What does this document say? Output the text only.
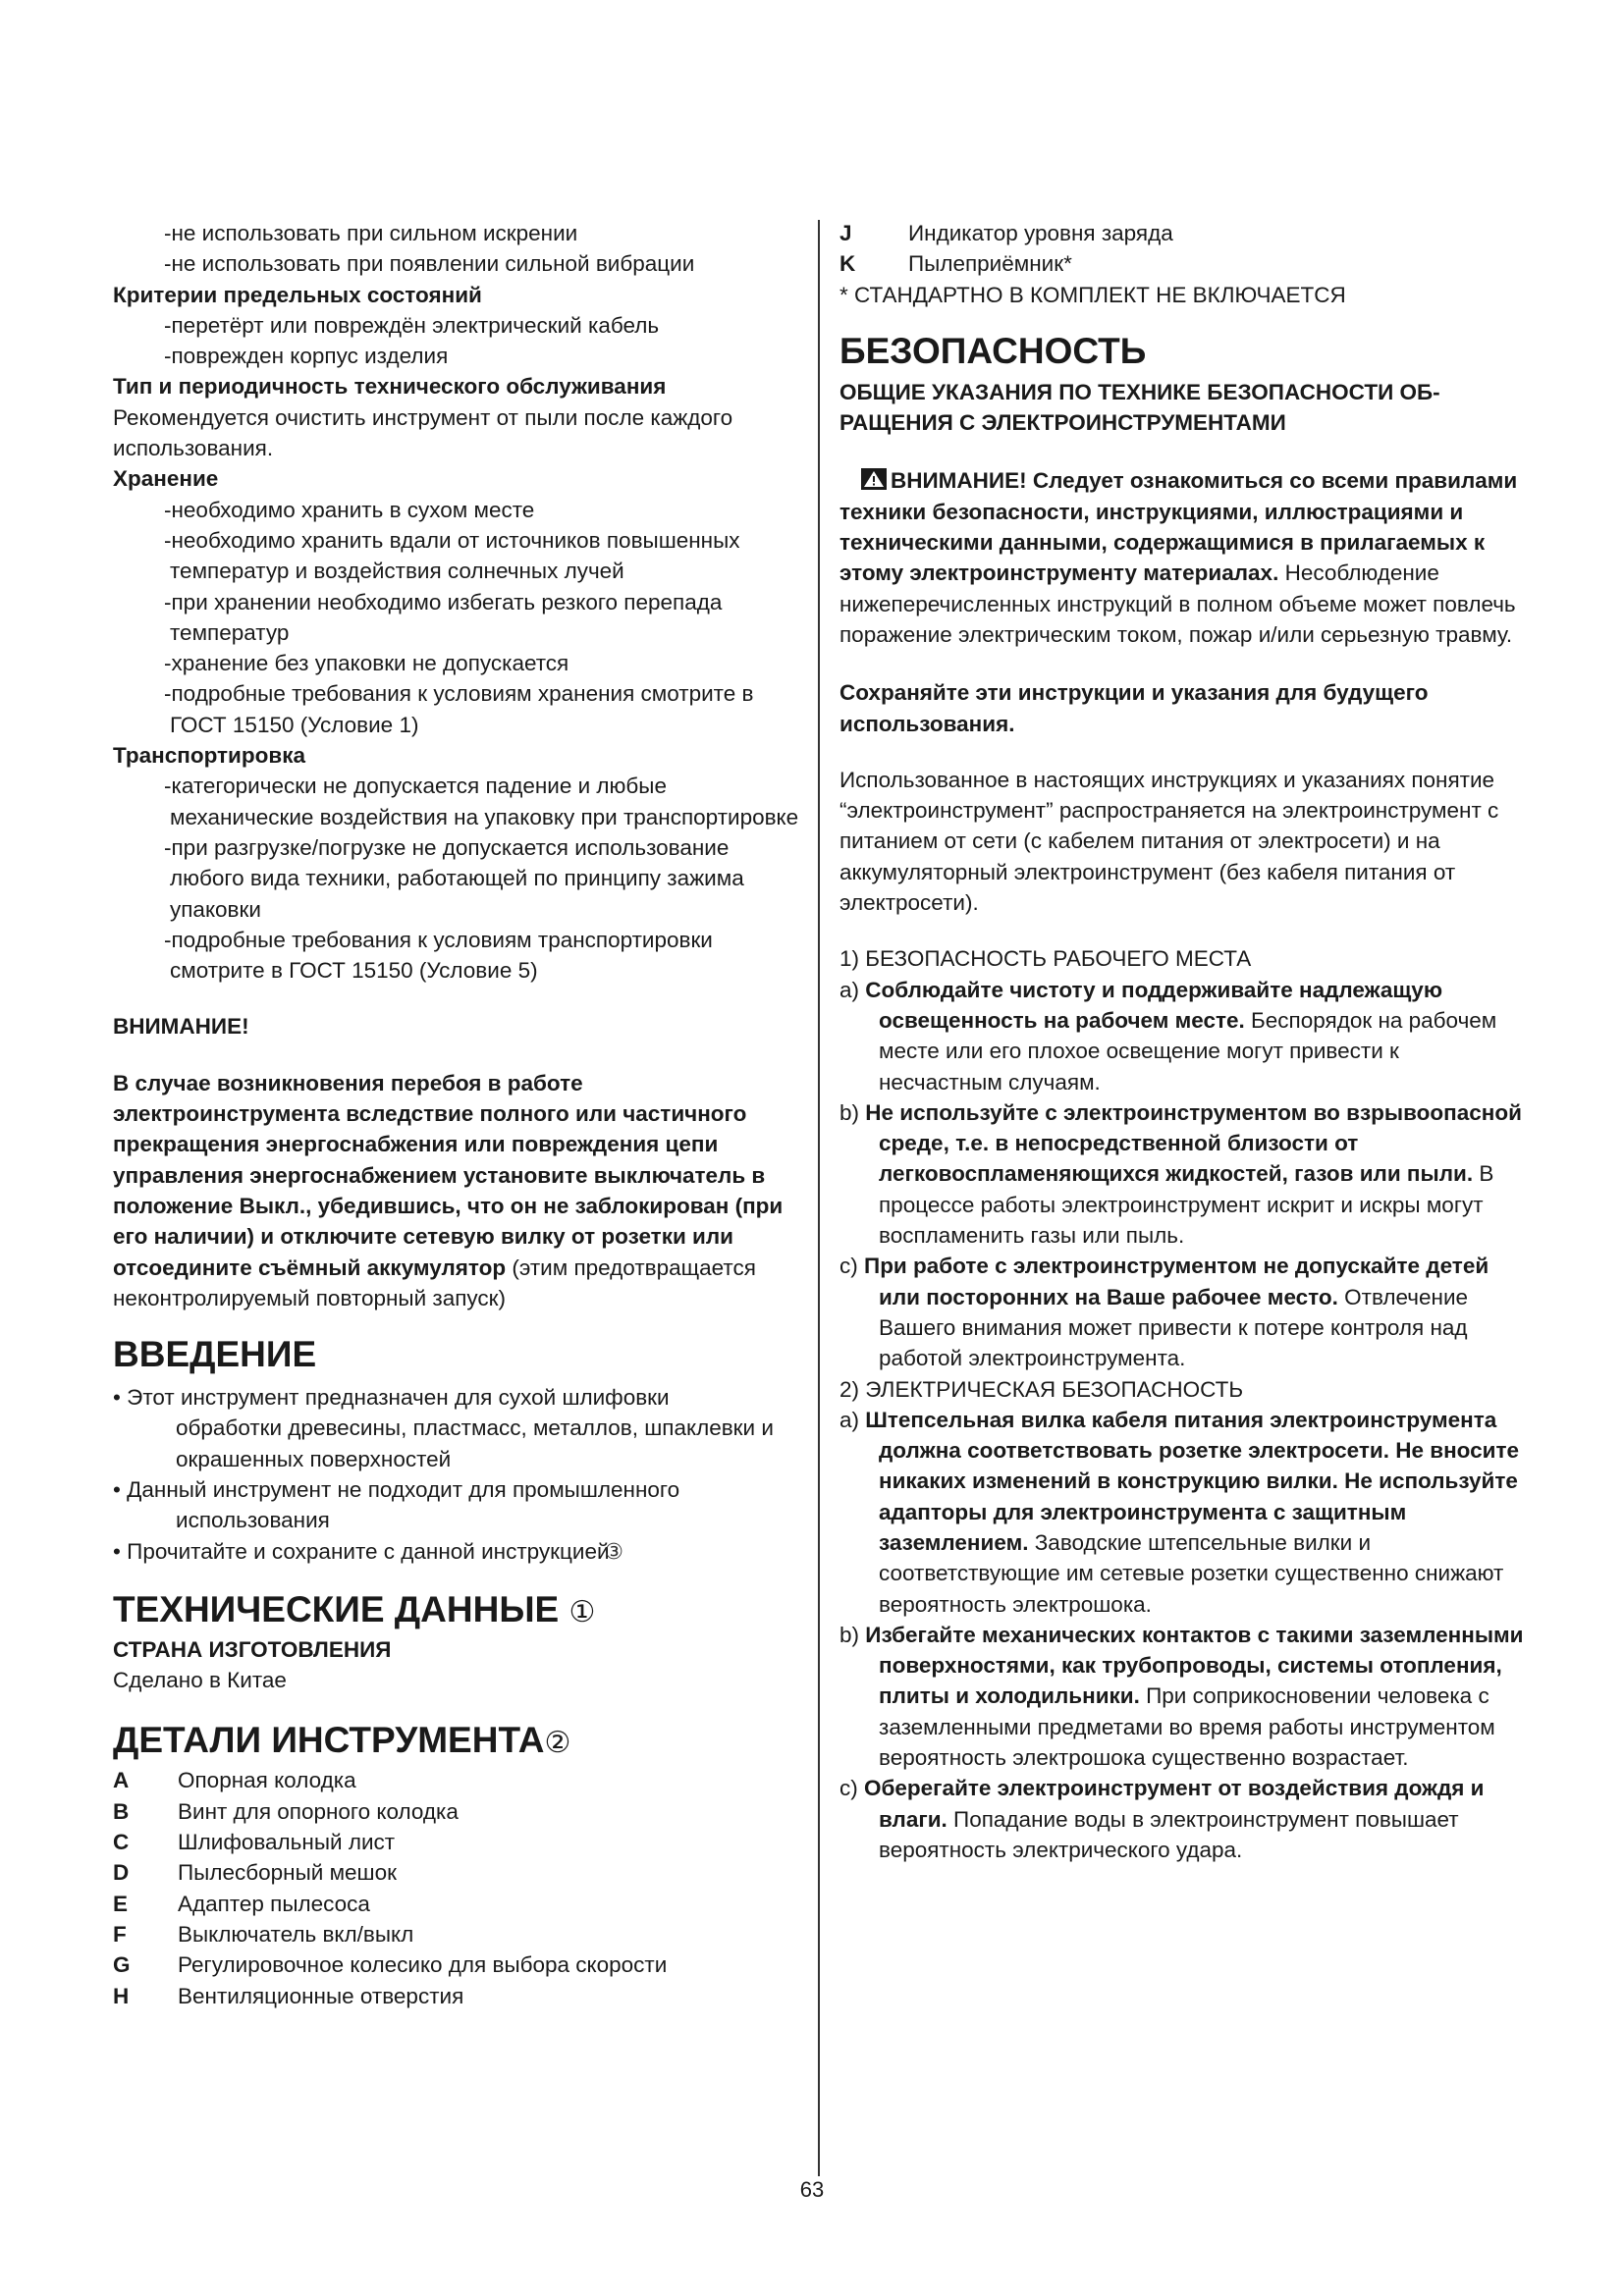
-не использовать при сильном искрении

-не использовать при появлении сильной вибрации

Критерии предельных состояний

-перетёрт или повреждён электрический кабель

-повреждeн корпус изделия

Тип и периодичность технического обслуживания

Рекомендуется очистить инструмент от пыли после каждого использования.

Хранение

-необходимо хранить в сухом месте

-необходимо хранить вдали от источников повышенных температур и воздействия солнечных лучей

-при хранении необходимо избегать резкого перепада температур

-хранение без упаковки не допускается

-подробные требования к условиям хранения смотрите в ГОСТ 15150 (Условие 1)

Транспортировка

-категорически не допускается падение и любые механические воздействия на упаковку при транспортировке

-при разгрузке/погрузке не допускается использование любого вида техники, работающей по принципу зажима упаковки

-подробные требования к условиям транспортировки смотрите в ГОСТ 15150 (Условие 5)

ВНИМАНИЕ!

В случае возникновения перебоя в работе электроинструмента вследствие полного или частичного прекращения энергоснабжения или повреждения цепи управления энергоснабжением установите выключатель в положение Выкл., убедившись, что он не заблокирован (при его наличии) и отключите сетевую вилку от розетки или отсоедините съёмный аккумулятор (этим предотвращается неконтролируемый повторный запуск)

ВВЕДЕНИЕ

• Этот инструмент предназначен для сухой шлифовки
обработки древесины, пластмасс, металлов, шпаклевки и окрашенных поверхностей
• Данный инструмент не подходит для промышленного
использования
• Прочитайте и сохраните с данной инструкцией   ③

ТЕХНИЧЕСКИЕ ДАННЫЕ ①

СТРАНА ИЗГОТОВЛЕНИЯ

Сделано в Китае

ДЕТАЛИ ИНСТРУМЕНТА②

A	Опорная колодка
B	Винт для опорного колодка
C	Шлифовальный лист
D	Пылесборный мешок
E	Адаптер пылесоса
F	Выключатель вкл/выкл
G	Регулировочное колесико для выбора скорости
H	Вентиляционные отверстия
J	Индикатор уровня заряда
K	Пылеприёмник*

* СТАНДАРТНО В КОМПЛЕКТ НЕ ВКЛЮЧАЕТСЯ

БЕЗОПАСНОСТЬ

ОБЩИЕ УКАЗАНИЯ ПО ТЕХНИКЕ БЕЗОПАСНОСТИ ОБ- РАЩЕНИЯ С ЭЛЕКТРОИНСТРУМЕНТАМИ

ВНИМАНИЕ! Следует ознакомиться со всеми правилами техники безопасности, инструкциями, иллюстрациями и техническими данными, содержащимися в прилагаемых к этому электроинструменту материалах. Несоблюдение нижеперечисленных инструкций в полном объеме может повлечь поражение электрическим током, пожар и/или серьезную травму.

Сохраняйте эти инструкции и указания для будущего использования.

Использованное в настоящих инструкциях и указаниях понятие “электроинструмент” распространяется на электроинструмент с питанием от сети (с кабелем питания от электросети) и на аккумуляторный электроинструмент (без кабеля питания от электросети).

1) БЕЗОПАСНОСТЬ РАБОЧЕГО МЕСТА

a) Соблюдайте чистоту и поддерживайте надлежащую освещенность на рабочем месте. Беспорядок на рабочем месте или его плохое освещение могут привести к несчастным случаям.

b) Не используйте с электроинструментом во взрывоопасной среде, т.е. в непосредственной близости от легковоспламеняющихся жидкостей, газов или пыли. В процессе работы электроинструмент искрит и искры могут воспламенить газы или пыль.

c) При работе с электроинструментом не допускайте детей или посторонних на Ваше рабочее место. Отвлечение Вашего внимания может привести к потере контроля над работой электроинструмента.

2) ЭЛЕКТРИЧЕСКАЯ БЕЗОПАСНОСТЬ

a) Штепсельная вилка кабеля питания электроинструмента должна соответствовать розетке электросети. Не вносите никаких изменений в конструкцию вилки. Не используйте адапторы для электроинструмента с защитным заземлением. Заводские штепсельные вилки и соответствующие им сетевые розетки существенно снижают вероятность электрошока.

b) Избегайте механических контактов с такими заземленными поверхностями, как трубопроводы, системы отопления, плиты и холодильники. При соприкосновении человека с заземленными предметами во время работы инструментом вероятность электрошока существенно возрастает.

c) Оберегайте электроинструмент от воздействия дождя и влаги. Попадание воды в электроинструмент повышает вероятность электрического удара.

63
